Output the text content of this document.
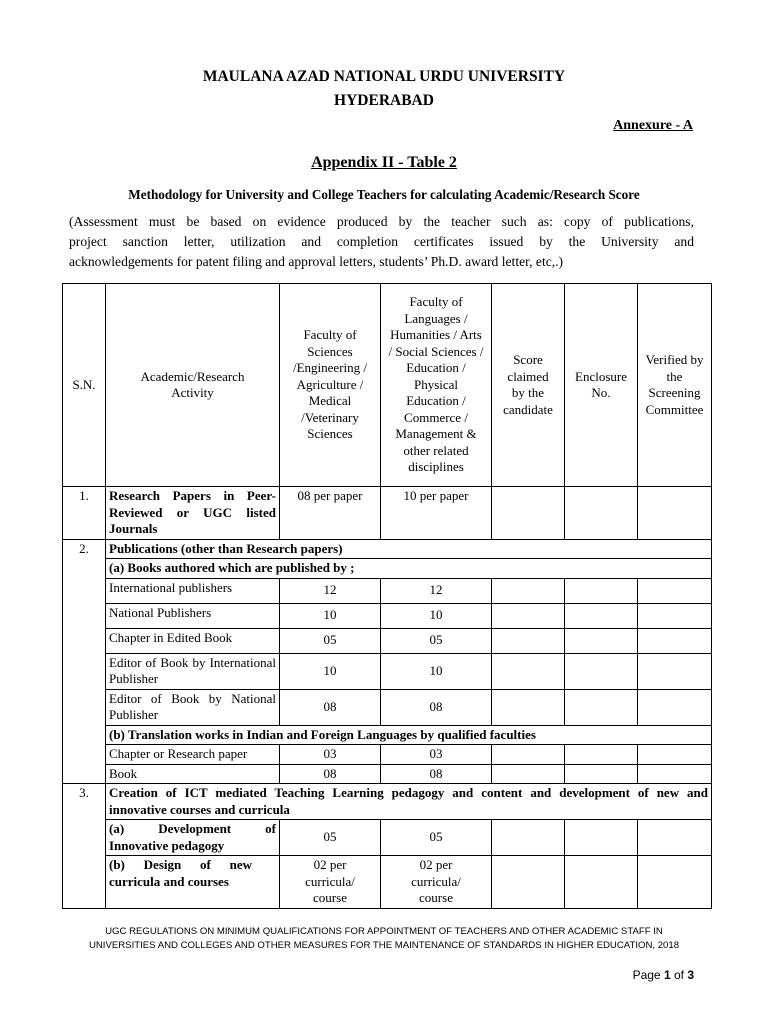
MAULANA AZAD NATIONAL URDU UNIVERSITY
HYDERABAD
Annexure - A
Appendix II - Table 2
Methodology for University and College Teachers for calculating Academic/Research Score
(Assessment must be based on evidence produced by the teacher such as: copy of publications,
project sanction letter, utilization and completion certificates issued by the University and
acknowledgements for patent filing and approval letters, students’ Ph.D. award letter, etc,.)
S.N.	Academic/Research Activity	Faculty of Sciences /Engineering / Agriculture / Medical /Veterinary Sciences	Faculty of Languages / Humanities / Arts / Social Sciences / Education / Physical Education / Commerce / Management & other related disciplines	Score claimed by the candidate	Enclosure No.	Verified by the Screening Committee
1.	Research Papers in Peer-Reviewed or UGC listed Journals	08 per paper	10 per paper			
2.	Publications (other than Research papers)					
	(a) Books authored which are published by ;					
	International publishers	12	12			
	National Publishers	10	10			
	Chapter in Edited Book	05	05			
	Editor of Book by International Publisher	10	10			
	Editor of Book by National Publisher	08	08			
	(b) Translation works in Indian and Foreign Languages by qualified faculties					
	Chapter or Research paper	03	03			
	Book	08	08			
3.	Creation of ICT mediated Teaching Learning pedagogy and content and development of new and innovative courses and curricula					
	(a) Development of Innovative pedagogy	05	05			

	(b) Design of new curricula and courses	02 per curricula/ course	02 per curricula/ course			

UGC REGULATIONS ON MINIMUM QUALIFICATIONS FOR APPOINTMENT OF TEACHERS AND OTHER ACADEMIC STAFF IN
UNIVERSITIES AND COLLEGES AND OTHER MEASURES FOR THE MAINTENANCE OF STANDARDS IN HIGHER EDUCATION, 2018
Page 1 of 3
